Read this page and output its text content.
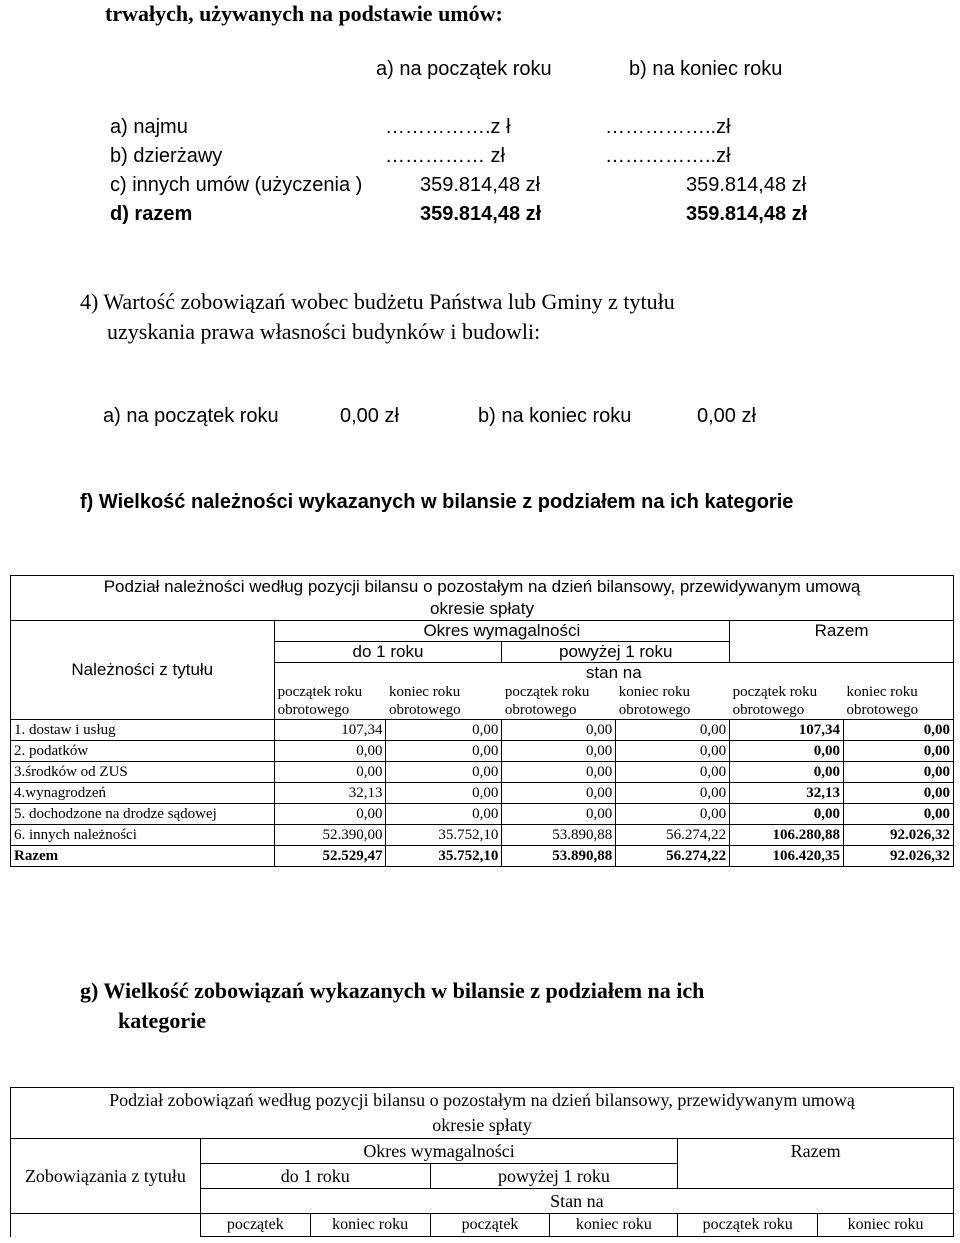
trwałych, używanych na podstawie umów:
a) na początek roku	b) na koniec roku
a) najmu	…………….z ł	……………..zł
b) dzierżawy	…………… zł	……………..zł
c) innych umów (użyczenia )	359.814,48 zł	359.814,48 zł
d) razem	359.814,48 zł	359.814,48 zł
4) Wartość zobowiązań wobec budżetu Państwa lub Gminy z tytułu
uzyskania prawa własności budynków i budowli:
a) na początek roku	0,00 zł	b) na koniec roku	0,00 zł
f) Wielkość należności wykazanych w bilansie z podziałem na ich kategorie
Podział należności według pozycji bilansu o pozostałym na dzień bilansowy, przewidywanym umową
okresie spłaty						

Należności z tytułu	Okres wymagalności				Razem	
	do 1 roku		powyżej 1 roku			
	stan na					
	początek roku obrotowego	koniec roku obrotowego	początek roku obrotowego	koniec roku obrotowego	początek roku obrotowego	koniec roku obrotowego
1. dostaw i usług	107,34	0,00	0,00	0,00	107,34	0,00
2. podatków	0,00	0,00	0,00	0,00	0,00	0,00
3.środków od ZUS	0,00	0,00	0,00	0,00	0,00	0,00
4.wynagrodzeń	32,13	0,00	0,00	0,00	32,13	0,00
5. dochodzone na drodze sądowej	0,00	0,00	0,00	0,00	0,00	0,00
6. innych należności	52.390,00	35.752,10	53.890,88	56.274,22	106.280,88	92.026,32
Razem	52.529,47	35.752,10	53.890,88	56.274,22	106.420,35	92.026,32
g) Wielkość zobowiązań wykazanych w bilansie z podziałem na ich
kategorie
Podział zobowiązań według pozycji bilansu o pozostałym na dzień bilansowy, przewidywanym umową
okresie spłaty						

Zobowiązania z tytułu	Okres wymagalności				Razem	
	do 1 roku		powyżej 1 roku			
	Stan na					
	początek	koniec roku	początek	koniec roku	początek roku	koniec roku
